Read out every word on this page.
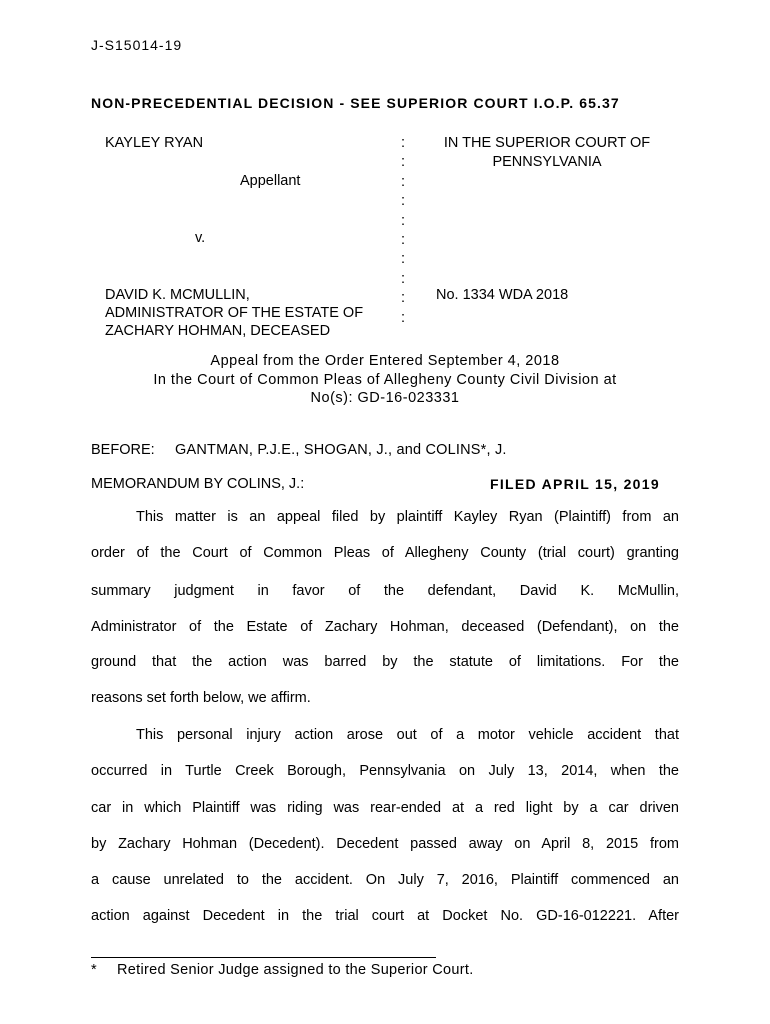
J-S15014-19
NON-PRECEDENTIAL DECISION - SEE SUPERIOR COURT I.O.P. 65.37
KAYLEY RYAN
Appellant
v.
DAVID K. MCMULLIN,
ADMINISTRATOR OF THE ESTATE OF
ZACHARY HOHMAN, DECEASED
:
:
:
:
:
:
:
:
:
:
IN THE SUPERIOR COURT OF
PENNSYLVANIA
No. 1334 WDA 2018
Appeal from the Order Entered September 4, 2018
In the Court of Common Pleas of Allegheny County Civil Division at
No(s): GD-16-023331
BEFORE: GANTMAN, P.J.E., SHOGAN, J., and COLINS*, J.
MEMORANDUM BY COLINS, J.:	FILED APRIL 15, 2019
This matter is an appeal filed by plaintiff Kayley Ryan (Plaintiff) from an
order of the Court of Common Pleas of Allegheny County (trial court) granting
summary judgment in favor of the defendant, David K. McMullin,
Administrator of the Estate of Zachary Hohman, deceased (Defendant), on the
ground that the action was barred by the statute of limitations. For the
reasons set forth below, we affirm.
This personal injury action arose out of a motor vehicle accident that
occurred in Turtle Creek Borough, Pennsylvania on July 13, 2014, when the
car in which Plaintiff was riding was rear-ended at a red light by a car driven
by Zachary Hohman (Decedent). Decedent passed away on April 8, 2015 from
a cause unrelated to the accident. On July 7, 2016, Plaintiff commenced an
action against Decedent in the trial court at Docket No. GD-16-012221. After
* Retired Senior Judge assigned to the Superior Court.
